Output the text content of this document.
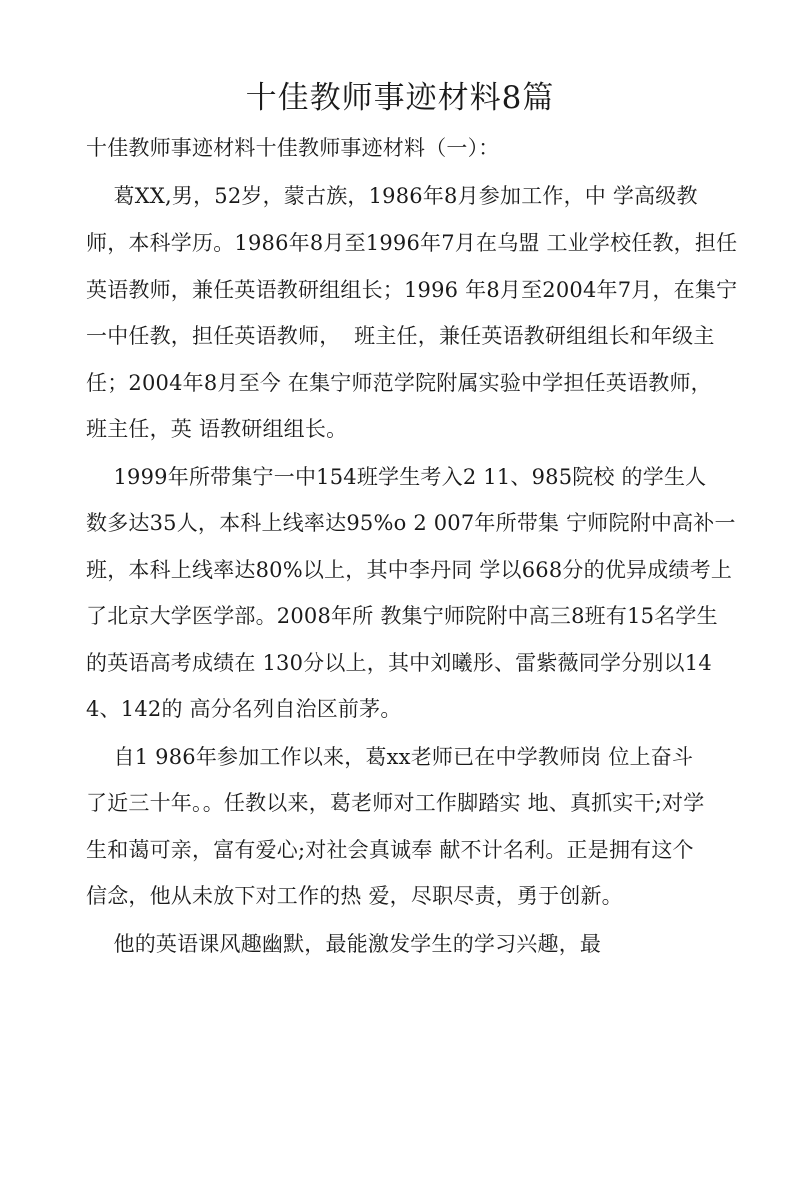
十佳教师事迹材料8篇
十佳教师事迹材料十佳教师事迹材料（一）：
葛XX,男，52岁，蒙古族，1986年8月参加工作，中 学高级教
师，本科学历。1986年8月至1996年7月在乌盟 工业学校任教，担任
英语教师，兼任英语教研组组长；1996 年8月至2004年7月，在集宁
一中任教，担任英语教师，  班主任，兼任英语教研组组长和年级主
任；2004年8月至今 在集宁师范学院附属实验中学担任英语教师，
班主任，英 语教研组组长。
1999年所带集宁一中154班学生考入2 11、985院校 的学生人
数多达35人，本科上线率达95%o 2 007年所带集 宁师院附中高补一
班，本科上线率达80%以上，其中李丹同 学以668分的优异成绩考上
了北京大学医学部。2008年所 教集宁师院附中高三8班有15名学生
的英语高考成绩在 130分以上，其中刘曦彤、雷紫薇同学分别以14
4、142的 高分名列自治区前茅。
自1 986年参加工作以来，葛xx老师已在中学教师岗 位上奋斗
了近三十年。。任教以来，葛老师对工作脚踏实 地、真抓实干;对学
生和蔼可亲，富有爱心;对社会真诚奉 献不计名利。正是拥有这个
信念，他从未放下对工作的热 爱，尽职尽责，勇于创新。
他的英语课风趣幽默，最能激发学生的学习兴趣，最
